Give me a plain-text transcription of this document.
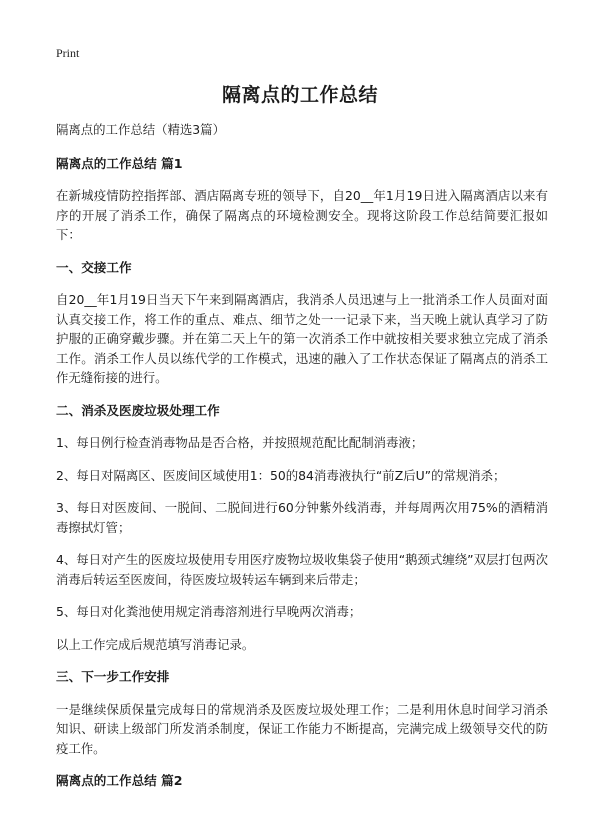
Print
隔离点的工作总结

隔离点的工作总结（精选3篇）

隔离点的工作总结 篇1

在新城疫情防控指挥部、酒店隔离专班的领导下，自20__年1月19日进入隔离酒店以来有序的开展了消杀工作，确保了隔离点的环境检测安全。现将这阶段工作总结简要汇报如下：

一、交接工作

自20__年1月19日当天下午来到隔离酒店，我消杀人员迅速与上一批消杀工作人员面对面认真交接工作，将工作的重点、难点、细节之处一一记录下来，当天晚上就认真学习了防护服的正确穿戴步骤。并在第二天上午的第一次消杀工作中就按相关要求独立完成了消杀工作。消杀工作人员以练代学的工作模式，迅速的融入了工作状态保证了隔离点的消杀工作无缝衔接的进行。

二、消杀及医废垃圾处理工作

1、每日例行检查消毒物品是否合格，并按照规范配比配制消毒液；

2、每日对隔离区、医废间区域使用1：50的84消毒液执行“前Z后U”的常规消杀；

3、每日对医废间、一脱间、二脱间进行60分钟紫外线消毒，并每周两次用75%的酒精消毒擦拭灯管；

4、每日对产生的医废垃圾使用专用医疗废物垃圾收集袋子使用“鹅颈式缠绕”双层打包两次消毒后转运至医废间，待医废垃圾转运车辆到来后带走；

5、每日对化粪池使用规定消毒溶剂进行早晚两次消毒；

以上工作完成后规范填写消毒记录。

三、下一步工作安排

一是继续保质保量完成每日的常规消杀及医废垃圾处理工作；二是利用休息时间学习消杀知识、研读上级部门所发消杀制度，保证工作能力不断提高，完满完成上级领导交代的防疫工作。

隔离点的工作总结 篇2
